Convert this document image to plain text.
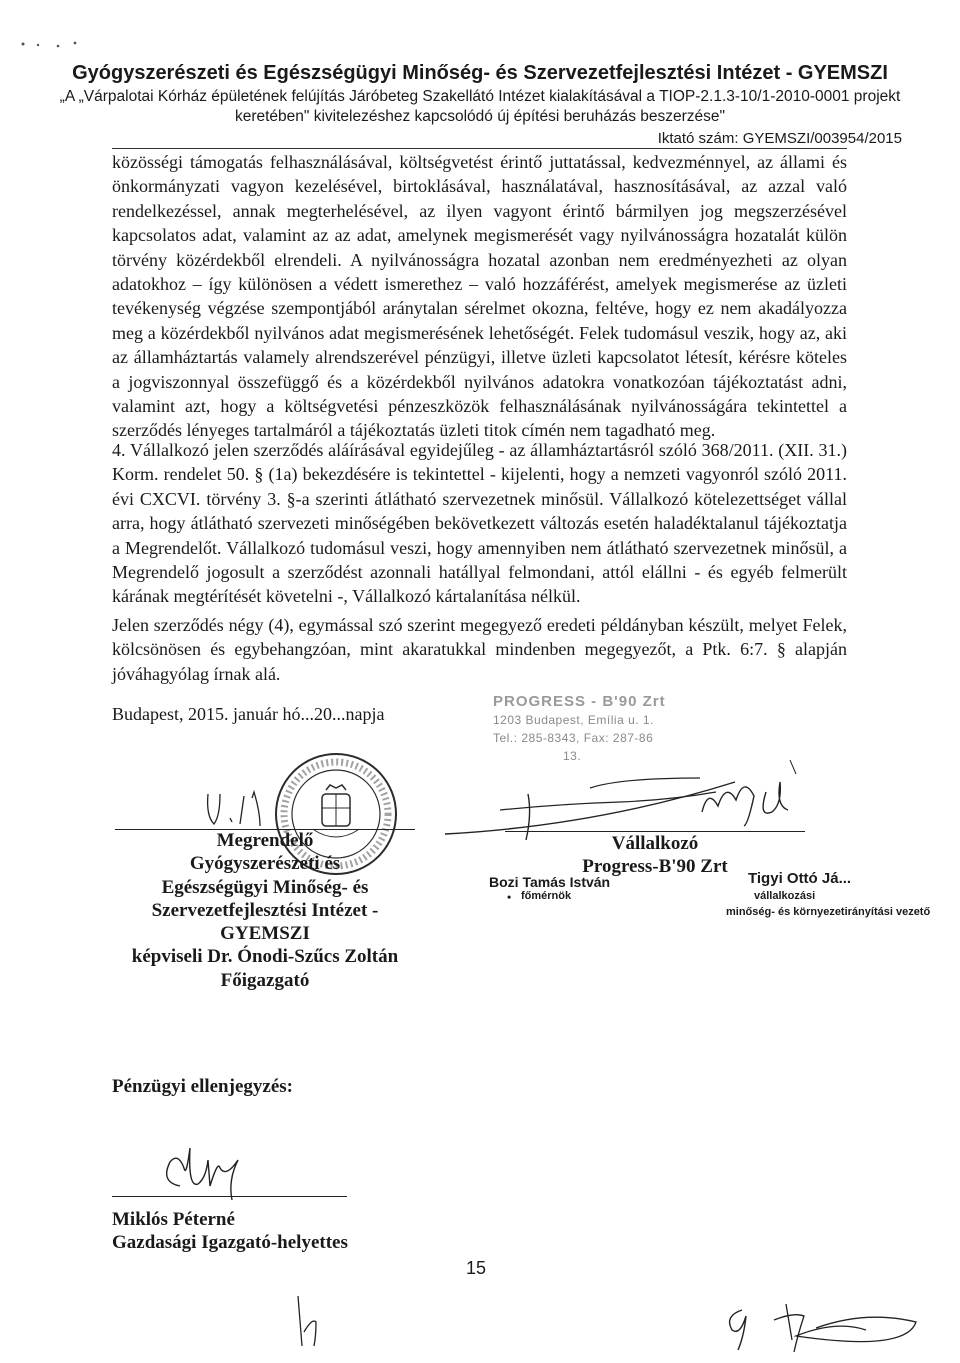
Gyógyszerészeti és Egészségügyi Minőség- és Szervezetfejlesztési Intézet - GYEMSZI
„A „Várpalotai Kórház épületének felújítás Járóbeteg Szakellátó Intézet kialakításával a TIOP-2.1.3-10/1-2010-0001 projekt
keretében" kivitelezéshez kapcsolódó új építési beruházás beszerzése"
Iktató szám: GYEMSZI/003954/2015

közösségi támogatás felhasználásával, költségvetést érintő juttatással, kedvezménnyel, az állami és önkormányzati vagyon kezelésével, birtoklásával, használatával, hasznosításával, az azzal való rendelkezéssel, annak megterhelésével, az ilyen vagyont érintő bármilyen jog megszerzésével kapcsolatos adat, valamint az az adat, amelynek megismerését vagy nyilvánosságra hozatalát külön törvény közérdekből elrendeli. A nyilvánosságra hozatal azonban nem eredményezheti az olyan adatokhoz – így különösen a védett ismerethez – való hozzáférést, amelyek megismerése az üzleti tevékenység végzése szempontjából aránytalan sérelmet okozna, feltéve, hogy ez nem akadályozza meg a közérdekből nyilvános adat megismerésének lehetőségét. Felek tudomásul veszik, hogy az, aki az államháztartás valamely alrendszerével pénzügyi, illetve üzleti kapcsolatot létesít, kérésre köteles a jogviszonnyal összefüggő és a közérdekből nyilvános adatokra vonatkozóan tájékoztatást adni, valamint azt, hogy a költségvetési pénzeszközök felhasználásának nyilvánosságára tekintettel a szerződés lényeges tartalmáról a tájékoztatás üzleti titok címén nem tagadható meg.

4. Vállalkozó jelen szerződés aláírásával egyidejűleg - az államháztartásról szóló 368/2011. (XII. 31.) Korm. rendelet 50. § (1a) bekezdésére is tekintettel - kijelenti, hogy a nemzeti vagyonról szóló 2011. évi CXCVI. törvény 3. §-a szerinti átlátható szervezetnek minősül. Vállalkozó kötelezettséget vállal arra, hogy átlátható szervezeti minőségében bekövetkezett változás esetén haladéktalanul tájékoztatja a Megrendelőt. Vállalkozó tudomásul veszi, hogy amennyiben nem átlátható szervezetnek minősül, a Megrendelő jogosult a szerződést azonnali hatállyal felmondani, attól elállni - és egyéb felmerült kárának megtérítését követelni -, Vállalkozó kártalanítása nélkül.

Jelen szerződés négy (4), egymással szó szerint megegyező eredeti példányban készült, melyet Felek, kölcsönösen és egybehangzóan, mint akaratukkal mindenben megegyezőt, a Ptk. 6:7. § alapján jóváhagyólag írnak alá.

Budapest, 2015. január hó...20...napja
PROGRESS - B'90 Zrt
1203 Budapest, Emília u. 1.
Tel.: 285-8343, Fax: 287-86
13.
Megrendelő
Gyógyszerészeti és
Egészségügyi Minőség- és
Szervezetfejlesztési Intézet -
GYEMSZI
képviseli Dr. Ónodi-Szűcs Zoltán
Főigazgató
Vállalkozó
Progress-B'90 Zrt
Bozi Tamás István
• főmérnök
Tigyi Ottó Já...
vállalkozási
minőség- és környezetirányítási vezető
Pénzügyi ellenjegyzés:
Miklós Péterné
Gazdasági Igazgató-helyettes
15
